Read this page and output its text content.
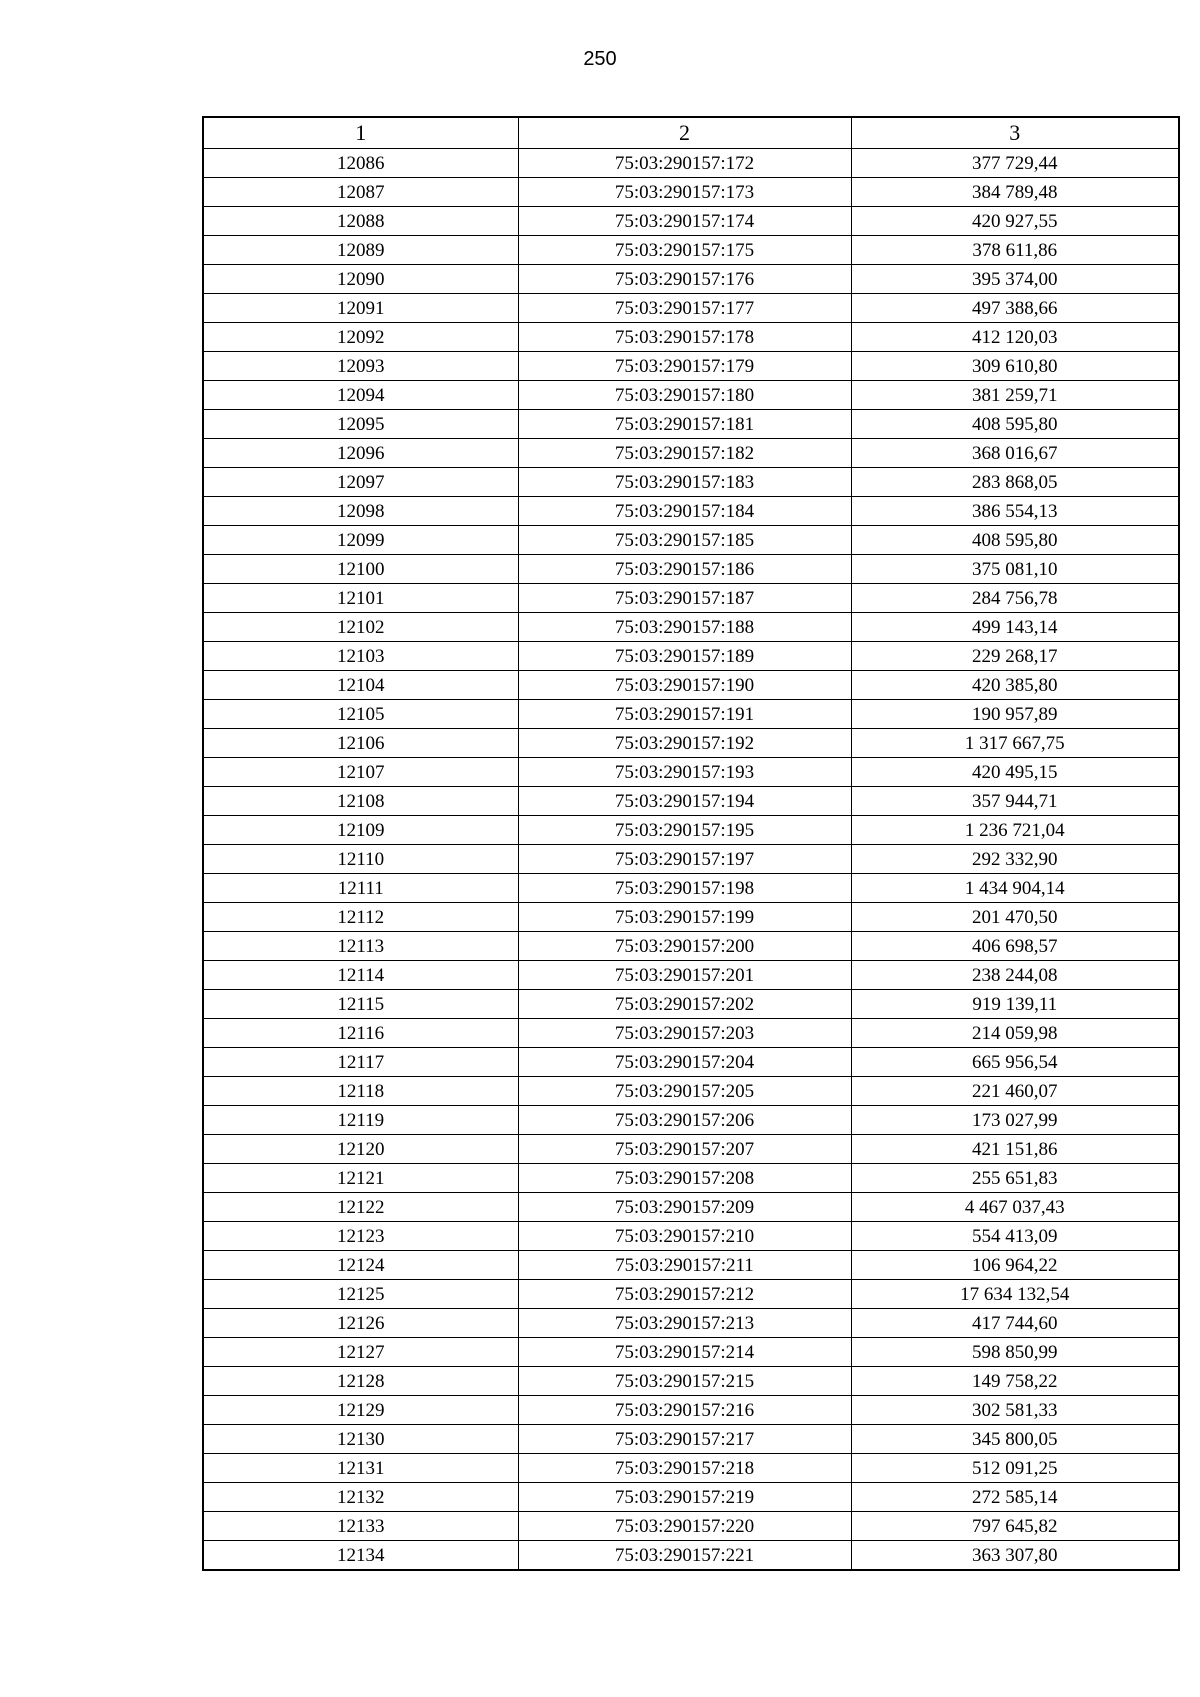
250
1	2	3
12086	75:03:290157:172	377 729,44
12087	75:03:290157:173	384 789,48
12088	75:03:290157:174	420 927,55
12089	75:03:290157:175	378 611,86
12090	75:03:290157:176	395 374,00
12091	75:03:290157:177	497 388,66
12092	75:03:290157:178	412 120,03
12093	75:03:290157:179	309 610,80
12094	75:03:290157:180	381 259,71
12095	75:03:290157:181	408 595,80
12096	75:03:290157:182	368 016,67
12097	75:03:290157:183	283 868,05
12098	75:03:290157:184	386 554,13
12099	75:03:290157:185	408 595,80
12100	75:03:290157:186	375 081,10
12101	75:03:290157:187	284 756,78
12102	75:03:290157:188	499 143,14
12103	75:03:290157:189	229 268,17
12104	75:03:290157:190	420 385,80
12105	75:03:290157:191	190 957,89
12106	75:03:290157:192	1 317 667,75
12107	75:03:290157:193	420 495,15
12108	75:03:290157:194	357 944,71
12109	75:03:290157:195	1 236 721,04
12110	75:03:290157:197	292 332,90
12111	75:03:290157:198	1 434 904,14
12112	75:03:290157:199	201 470,50
12113	75:03:290157:200	406 698,57
12114	75:03:290157:201	238 244,08
12115	75:03:290157:202	919 139,11
12116	75:03:290157:203	214 059,98
12117	75:03:290157:204	665 956,54
12118	75:03:290157:205	221 460,07
12119	75:03:290157:206	173 027,99
12120	75:03:290157:207	421 151,86
12121	75:03:290157:208	255 651,83
12122	75:03:290157:209	4 467 037,43
12123	75:03:290157:210	554 413,09
12124	75:03:290157:211	106 964,22
12125	75:03:290157:212	17 634 132,54
12126	75:03:290157:213	417 744,60
12127	75:03:290157:214	598 850,99
12128	75:03:290157:215	149 758,22
12129	75:03:290157:216	302 581,33
12130	75:03:290157:217	345 800,05
12131	75:03:290157:218	512 091,25
12132	75:03:290157:219	272 585,14
12133	75:03:290157:220	797 645,82
12134	75:03:290157:221	363 307,80
